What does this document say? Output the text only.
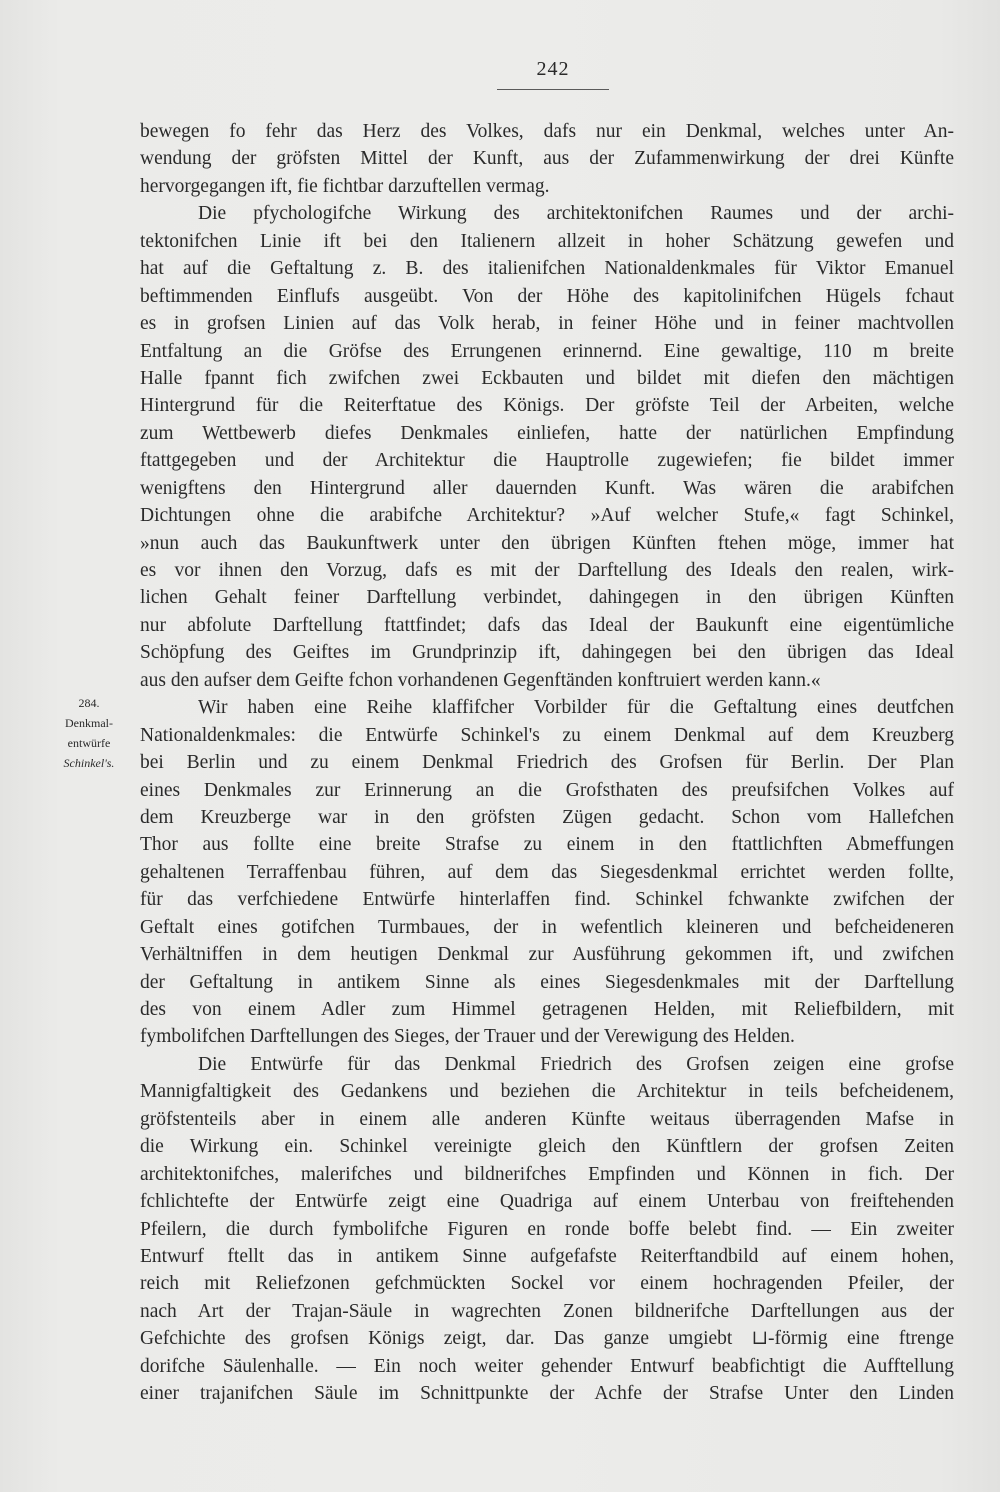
242
284.
Denkmal-
entwürfe
Schinkel's.
bewegen fo fehr das Herz des Volkes, dafs nur ein Denkmal, welches unter An-
wendung der gröfsten Mittel der Kunft, aus der Zufammenwirkung der drei Künfte
hervorgegangen ift, fie fichtbar darzuftellen vermag.
Die pfychologifche Wirkung des architektonifchen Raumes und der archi-
tektonifchen Linie ift bei den Italienern allzeit in hoher Schätzung gewefen und
hat auf die Geftaltung z. B. des italienifchen Nationaldenkmales für Viktor Emanuel
beftimmenden Einflufs ausgeübt. Von der Höhe des kapitolinifchen Hügels fchaut
es in grofsen Linien auf das Volk herab, in feiner Höhe und in feiner machtvollen
Entfaltung an die Gröfse des Errungenen erinnernd. Eine gewaltige, 110 m breite
Halle fpannt fich zwifchen zwei Eckbauten und bildet mit diefen den mächtigen
Hintergrund für die Reiterftatue des Königs. Der gröfste Teil der Arbeiten, welche
zum Wettbewerb diefes Denkmales einliefen, hatte der natürlichen Empfindung
ftattgegeben und der Architektur die Hauptrolle zugewiefen; fie bildet immer
wenigftens den Hintergrund aller dauernden Kunft. Was wären die arabifchen
Dichtungen ohne die arabifche Architektur? »Auf welcher Stufe,« fagt Schinkel,
»nun auch das Baukunftwerk unter den übrigen Künften ftehen möge, immer hat
es vor ihnen den Vorzug, dafs es mit der Darftellung des Ideals den realen, wirk-
lichen Gehalt feiner Darftellung verbindet, dahingegen in den übrigen Künften
nur abfolute Darftellung ftattfindet; dafs das Ideal der Baukunft eine eigentümliche
Schöpfung des Geiftes im Grundprinzip ift, dahingegen bei den übrigen das Ideal
aus den aufser dem Geifte fchon vorhandenen Gegenftänden konftruiert werden kann.«
Wir haben eine Reihe klaffifcher Vorbilder für die Geftaltung eines deutfchen
Nationaldenkmales: die Entwürfe Schinkel's zu einem Denkmal auf dem Kreuzberg
bei Berlin und zu einem Denkmal Friedrich des Grofsen für Berlin. Der Plan
eines Denkmales zur Erinnerung an die Grofsthaten des preufsifchen Volkes auf
dem Kreuzberge war in den gröfsten Zügen gedacht. Schon vom Hallefchen
Thor aus follte eine breite Strafse zu einem in den ftattlichften Abmeffungen
gehaltenen Terraffenbau führen, auf dem das Siegesdenkmal errichtet werden follte,
für das verfchiedene Entwürfe hinterlaffen find. Schinkel fchwankte zwifchen der
Geftalt eines gotifchen Turmbaues, der in wefentlich kleineren und befcheideneren
Verhältniffen in dem heutigen Denkmal zur Ausführung gekommen ift, und zwifchen
der Geftaltung in antikem Sinne als eines Siegesdenkmales mit der Darftellung
des von einem Adler zum Himmel getragenen Helden, mit Reliefbildern, mit
fymbolifchen Darftellungen des Sieges, der Trauer und der Verewigung des Helden.
Die Entwürfe für das Denkmal Friedrich des Grofsen zeigen eine grofse
Mannigfaltigkeit des Gedankens und beziehen die Architektur in teils befcheidenem,
gröfstenteils aber in einem alle anderen Künfte weitaus überragenden Mafse in
die Wirkung ein. Schinkel vereinigte gleich den Künftlern der grofsen Zeiten
architektonifches, malerifches und bildnerifches Empfinden und Können in fich. Der
fchlichtefte der Entwürfe zeigt eine Quadriga auf einem Unterbau von freiftehenden
Pfeilern, die durch fymbolifche Figuren en ronde boffe belebt find. — Ein zweiter
Entwurf ftellt das in antikem Sinne aufgefafste Reiterftandbild auf einem hohen,
reich mit Reliefzonen gefchmückten Sockel vor einem hochragenden Pfeiler, der
nach Art der Trajan-Säule in wagrechten Zonen bildnerifche Darftellungen aus der
Gefchichte des grofsen Königs zeigt, dar. Das ganze umgiebt ⊔-förmig eine ftrenge
dorifche Säulenhalle. — Ein noch weiter gehender Entwurf beabfichtigt die Aufftellung
einer trajanifchen Säule im Schnittpunkte der Achfe der Strafse Unter den Linden
